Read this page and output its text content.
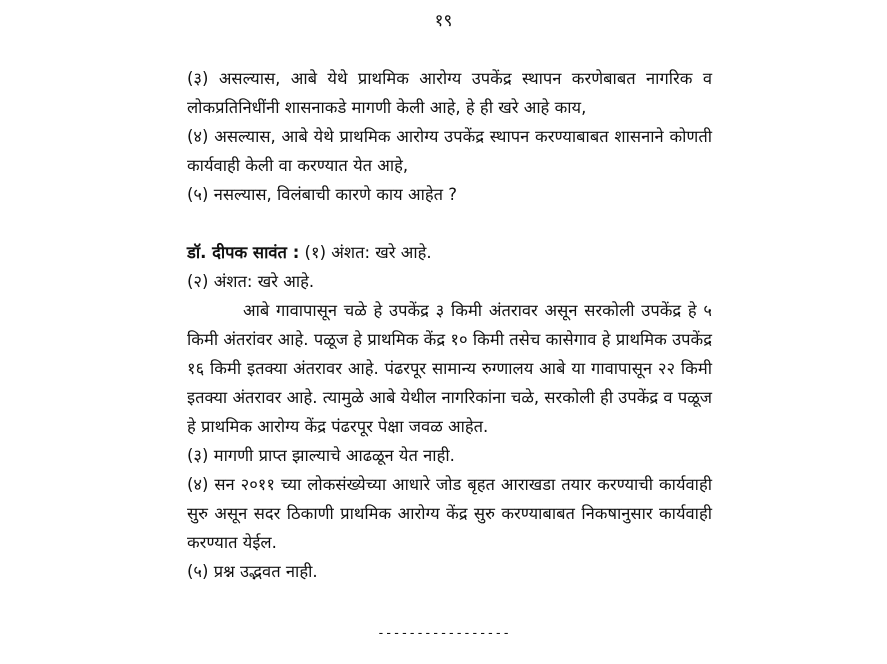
१९

(३) असल्यास, आबे येथे प्राथमिक आरोग्य उपकेंद्र स्थापन करणेबाबत नागरिक व लोकप्रतिनिधींनी शासनाकडे मागणी केली आहे, हे ही खरे आहे काय,

(४) असल्यास, आबे येथे प्राथमिक आरोग्य उपकेंद्र स्थापन करण्याबाबत शासनाने कोणती कार्यवाही केली वा करण्यात येत आहे,

(५) नसल्यास, विलंबाची कारणे काय आहेत ?

डॉ. दीपक सावंत : (१) अंशत: खरे आहे.

(२) अंशत: खरे आहे.

आबे गावापासून चळे हे उपकेंद्र ३ किमी अंतरावर असून सरकोली उपकेंद्र हे ५ किमी अंतरांवर आहे. पळूज हे प्राथमिक केंद्र १० किमी तसेच कासेगाव हे प्राथमिक उपकेंद्र १६ किमी इतक्या अंतरावर आहे. पंढरपूर सामान्य रुग्णालय आबे या गावापासून २२ किमी इतक्या अंतरावर आहे. त्यामुळे आबे येथील नागरिकांना चळे, सरकोली ही उपकेंद्र व पळूज हे प्राथमिक आरोग्य केंद्र पंढरपूर पेक्षा जवळ आहेत.

(३) मागणी प्राप्त झाल्याचे आढळून येत नाही.

(४) सन २०११ च्या लोकसंख्येच्या आधारे जोड बृहत आराखडा तयार करण्याची कार्यवाही सुरु असून सदर ठिकाणी प्राथमिक आरोग्य केंद्र सुरु करण्याबाबत निकषानुसार कार्यवाही करण्यात येईल.

(५) प्रश्न उद्भवत नाही.

-----------------
